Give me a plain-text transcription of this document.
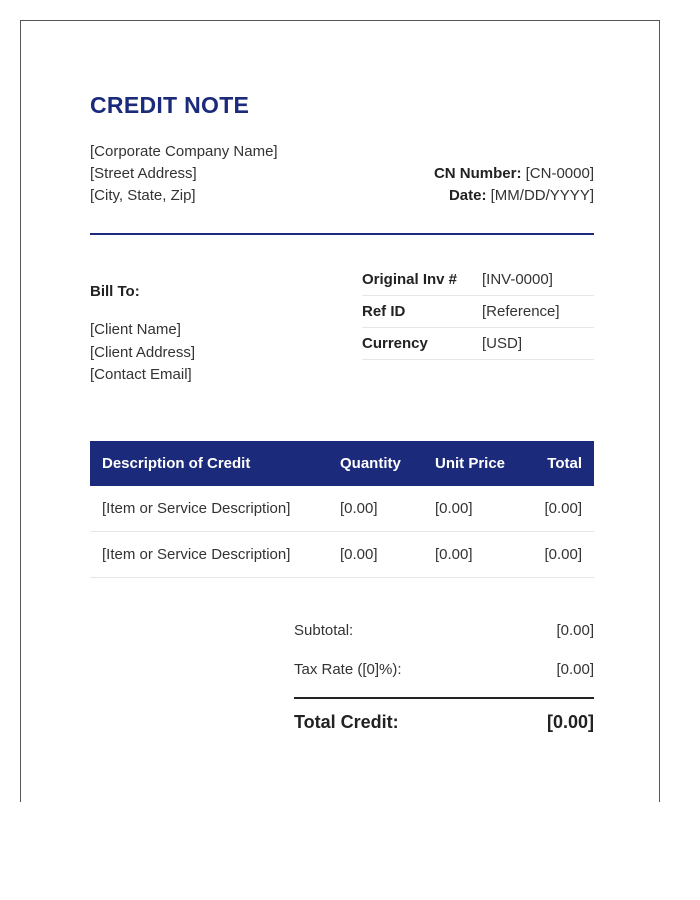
CREDIT NOTE
[Corporate Company Name]
[Street Address]
[City, State, Zip]
CN Number: [CN-0000]
Date: [MM/DD/YYYY]
Bill To:
[Client Name]
[Client Address]
[Contact Email]
Original Inv #	[INV-0000]
Ref ID	[Reference]
Currency	[USD]
Description of Credit	Quantity	Unit Price	Total
[Item or Service Description]	[0.00]	[0.00]	[0.00]
[Item or Service Description]	[0.00]	[0.00]	[0.00]
Subtotal:	[0.00]
Tax Rate ([0]%):	[0.00]
Total Credit:	[0.00]
